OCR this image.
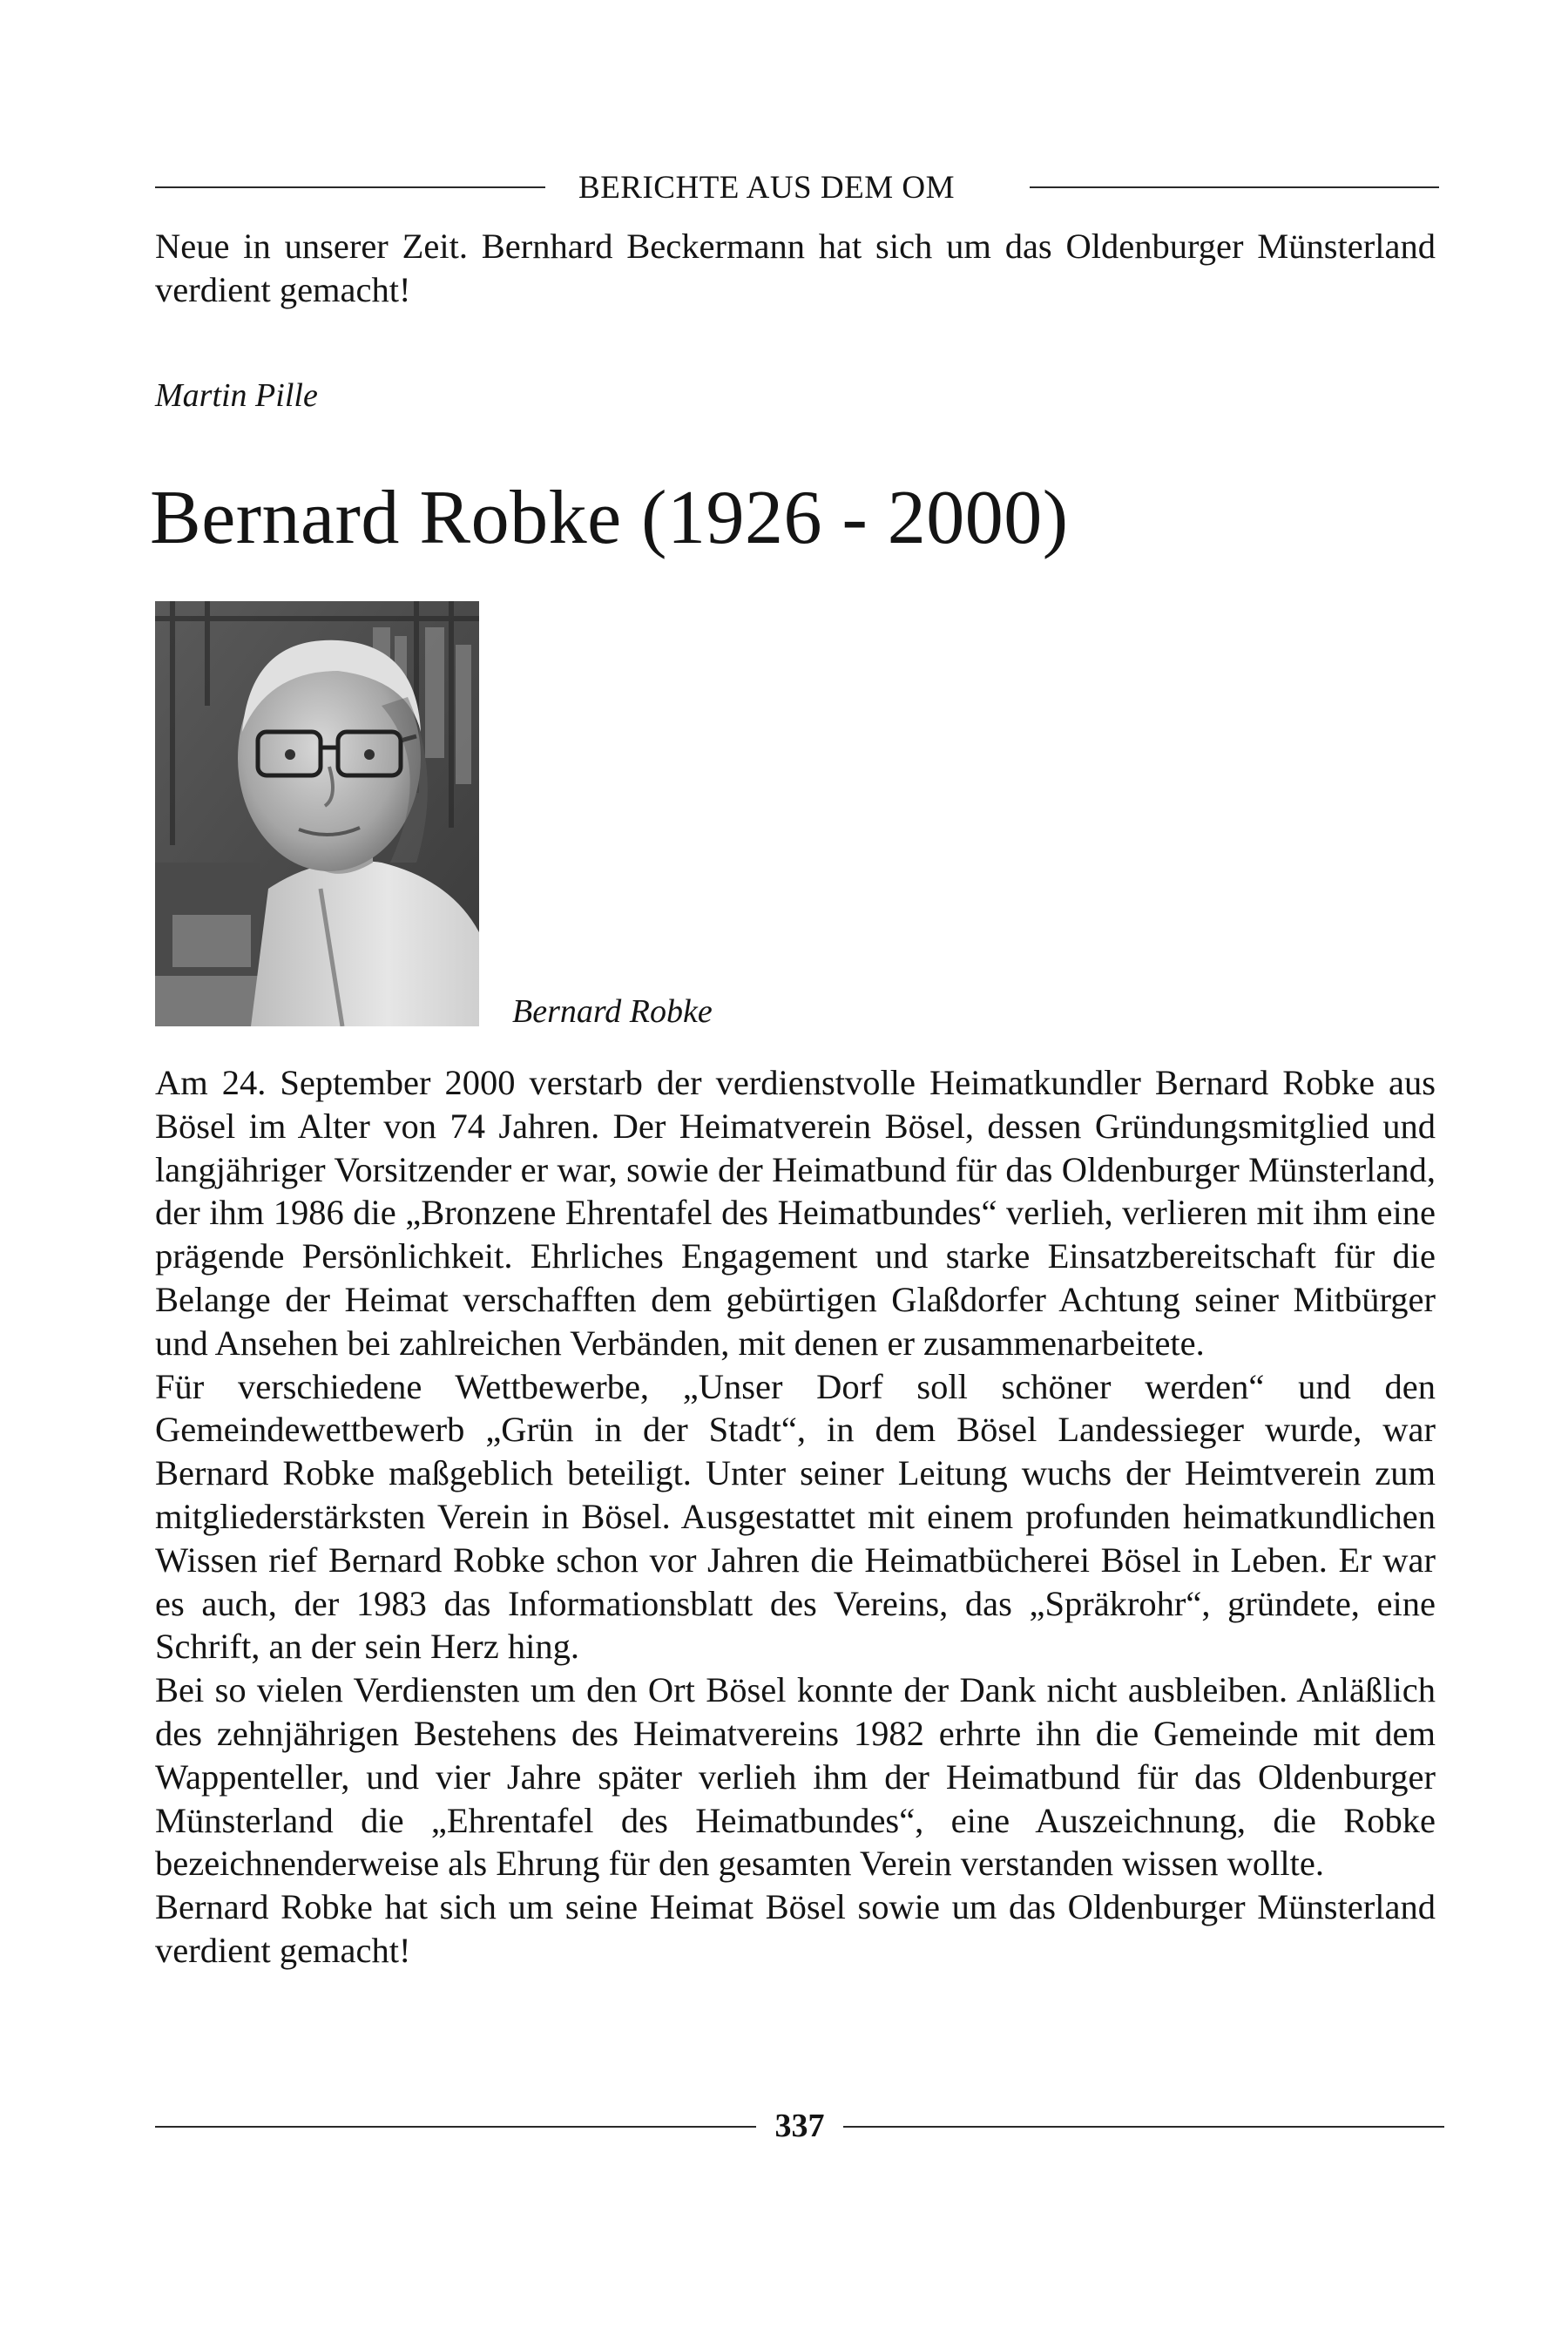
BERICHTE AUS DEM OM

Neue in unserer Zeit. Bernhard Beckermann hat sich um das Oldenburger Münsterland verdient gemacht!

Martin Pille
Bernard Robke (1926 - 2000)
Bernard Robke

Am 24. September 2000 verstarb der verdienstvolle Heimatkundler Bernard Robke aus Bösel im Alter von 74 Jahren. Der Heimatverein Bösel, dessen Gründungsmitglied und langjähriger Vorsitzender er war, sowie der Heimatbund für das Oldenburger Münsterland, der ihm 1986 die „Bronzene Ehrentafel des Heimatbundes“ verlieh, verlieren mit ihm eine prägende Persönlichkeit. Ehrliches Engagement und starke Einsatzbereitschaft für die Belange der Heimat verschafften dem gebürtigen Glaßdorfer Achtung seiner Mitbürger und Ansehen bei zahlreichen Verbänden, mit denen er zusammenarbeitete.

Für verschiedene Wettbewerbe, „Unser Dorf soll schöner werden“ und den Gemeindewettbewerb „Grün in der Stadt“, in dem Bösel Landessieger wurde, war Bernard Robke maßgeblich beteiligt. Unter seiner Leitung wuchs der Heimtverein zum mitgliederstärksten Verein in Bösel. Ausgestattet mit einem profunden heimatkundlichen Wissen rief Bernard Robke schon vor Jahren die Heimatbücherei Bösel in Leben. Er war es auch, der 1983 das Informationsblatt des Vereins, das „Spräkrohr“, gründete, eine Schrift, an der sein Herz hing.

Bei so vielen Verdiensten um den Ort Bösel konnte der Dank nicht ausbleiben. Anläßlich des zehnjährigen Bestehens des Heimatvereins 1982 erhrte ihn die Gemeinde mit dem Wappenteller, und vier Jahre später verlieh ihm der Heimatbund für das Oldenburger Münsterland die „Ehrentafel des Heimatbundes“, eine Auszeichnung, die Robke bezeichnenderweise als Ehrung für den gesamten Verein verstanden wissen wollte.

Bernard Robke hat sich um seine Heimat Bösel sowie um das Oldenburger Münsterland verdient gemacht!

337
